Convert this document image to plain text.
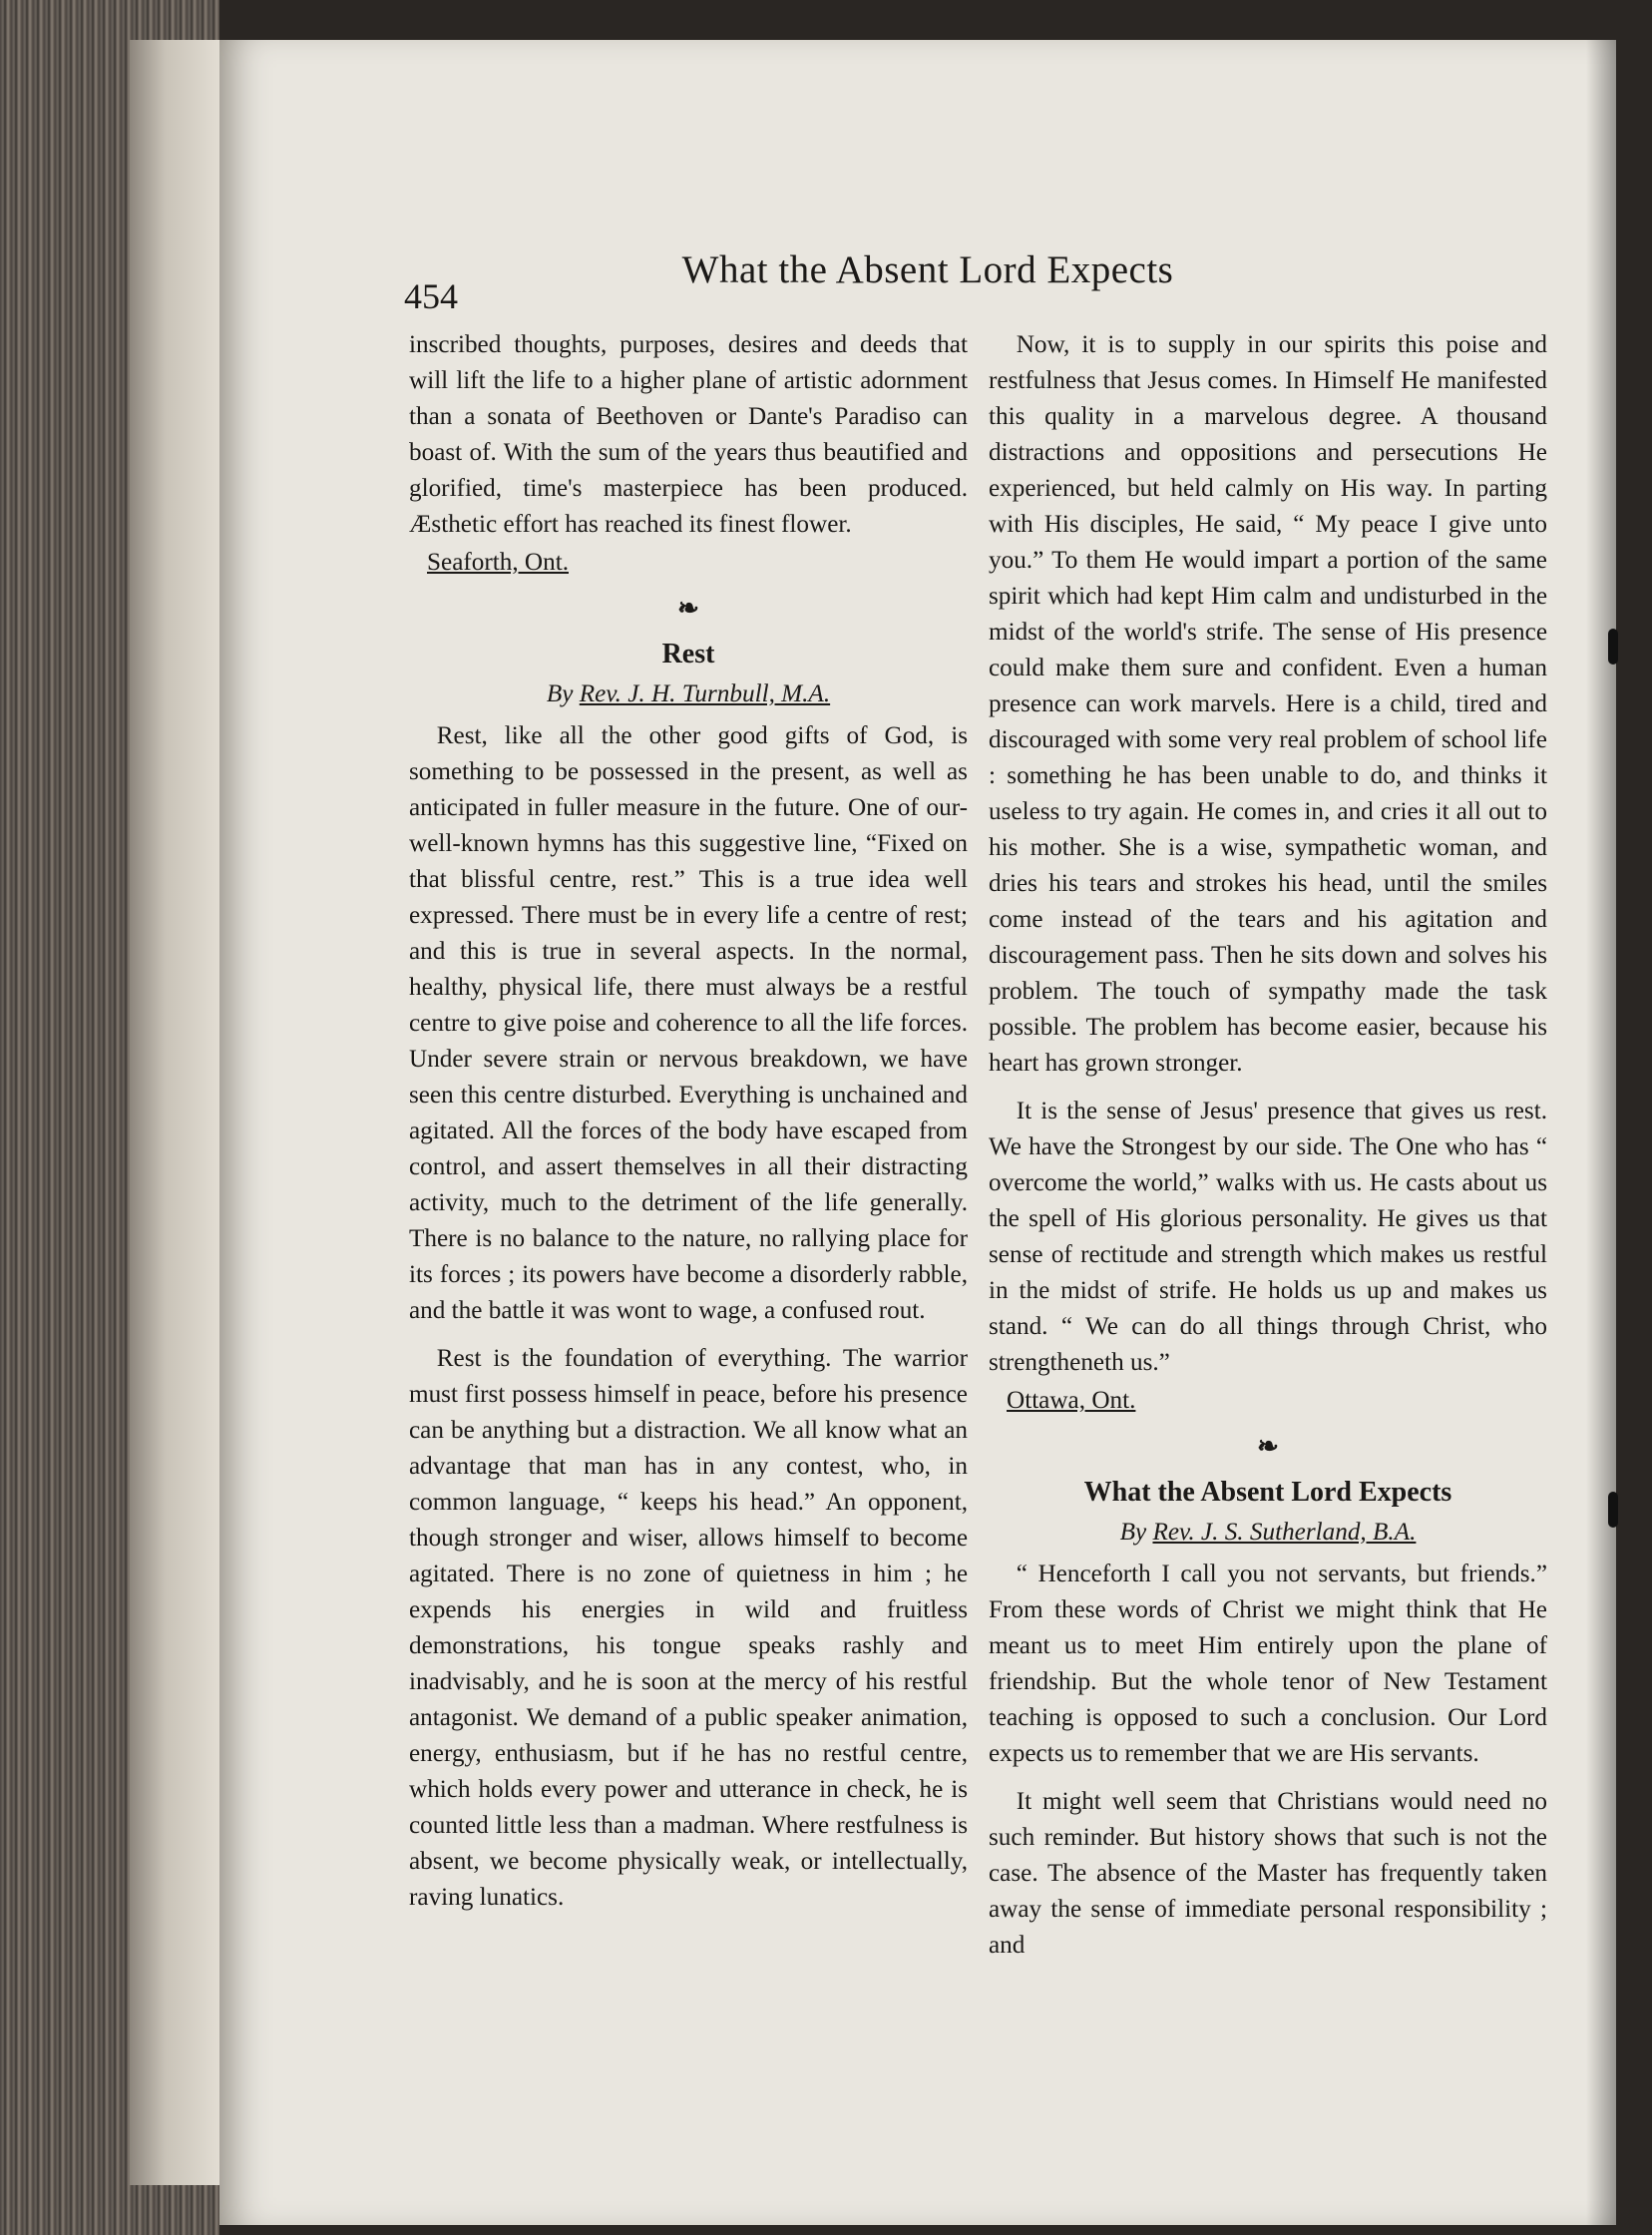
454
What the Absent Lord Expects

inscribed thoughts, purposes, desires and deeds that will lift the life to a higher plane of artistic adornment than a sonata of Beethoven or Dante's Paradiso can boast of. With the sum of the years thus beautified and glorified, time's masterpiece has been produced. Æsthetic effort has reached its finest flower.

Seaforth, Ont.
❧
Rest
By Rev. J. H. Turnbull, M.A.

Rest, like all the other good gifts of God, is something to be possessed in the present, as well as anticipated in fuller measure in the future. One of our-well-known hymns has this suggestive line, “Fixed on that blissful centre, rest.” This is a true idea well expressed. There must be in every life a centre of rest; and this is true in several aspects. In the normal, healthy, physical life, there must always be a restful centre to give poise and coherence to all the life forces. Under severe strain or nervous breakdown, we have seen this centre disturbed. Everything is unchained and agitated. All the forces of the body have escaped from control, and assert themselves in all their distracting activity, much to the detriment of the life generally. There is no balance to the nature, no rallying place for its forces ; its powers have become a disorderly rabble, and the battle it was wont to wage, a confused rout.

Rest is the foundation of everything. The warrior must first possess himself in peace, before his presence can be anything but a distraction. We all know what an advantage that man has in any contest, who, in common language, “ keeps his head.” An opponent, though stronger and wiser, allows himself to become agitated. There is no zone of quietness in him ; he expends his energies in wild and fruitless demonstrations, his tongue speaks rashly and inadvisably, and he is soon at the mercy of his restful antagonist. We demand of a public speaker animation, energy, enthusiasm, but if he has no restful centre, which holds every power and utterance in check, he is counted little less than a madman. Where restfulness is absent, we become physically weak, or intellectually, raving lunatics.

Now, it is to supply in our spirits this poise and restfulness that Jesus comes. In Himself He manifested this quality in a marvelous degree. A thousand distractions and oppositions and persecutions He experienced, but held calmly on His way. In parting with His disciples, He said, “ My peace I give unto you.” To them He would impart a portion of the same spirit which had kept Him calm and undisturbed in the midst of the world's strife. The sense of His presence could make them sure and confident. Even a human presence can work marvels. Here is a child, tired and discouraged with some very real problem of school life : something he has been unable to do, and thinks it useless to try again. He comes in, and cries it all out to his mother. She is a wise, sympathetic woman, and dries his tears and strokes his head, until the smiles come instead of the tears and his agitation and discouragement pass. Then he sits down and solves his problem. The touch of sympathy made the task possible. The problem has become easier, because his heart has grown stronger.

It is the sense of Jesus' presence that gives us rest. We have the Strongest by our side. The One who has “ overcome the world,” walks with us. He casts about us the spell of His glorious personality. He gives us that sense of rectitude and strength which makes us restful in the midst of strife. He holds us up and makes us stand. “ We can do all things through Christ, who strengtheneth us.”

Ottawa, Ont.
❧
What the Absent Lord Expects
By Rev. J. S. Sutherland, B.A.

“ Henceforth I call you not servants, but friends.” From these words of Christ we might think that He meant us to meet Him entirely upon the plane of friendship. But the whole tenor of New Testament teaching is opposed to such a conclusion. Our Lord expects us to remember that we are His servants.

It might well seem that Christians would need no such reminder. But history shows that such is not the case. The absence of the Master has frequently taken away the sense of immediate personal responsibility ; and
